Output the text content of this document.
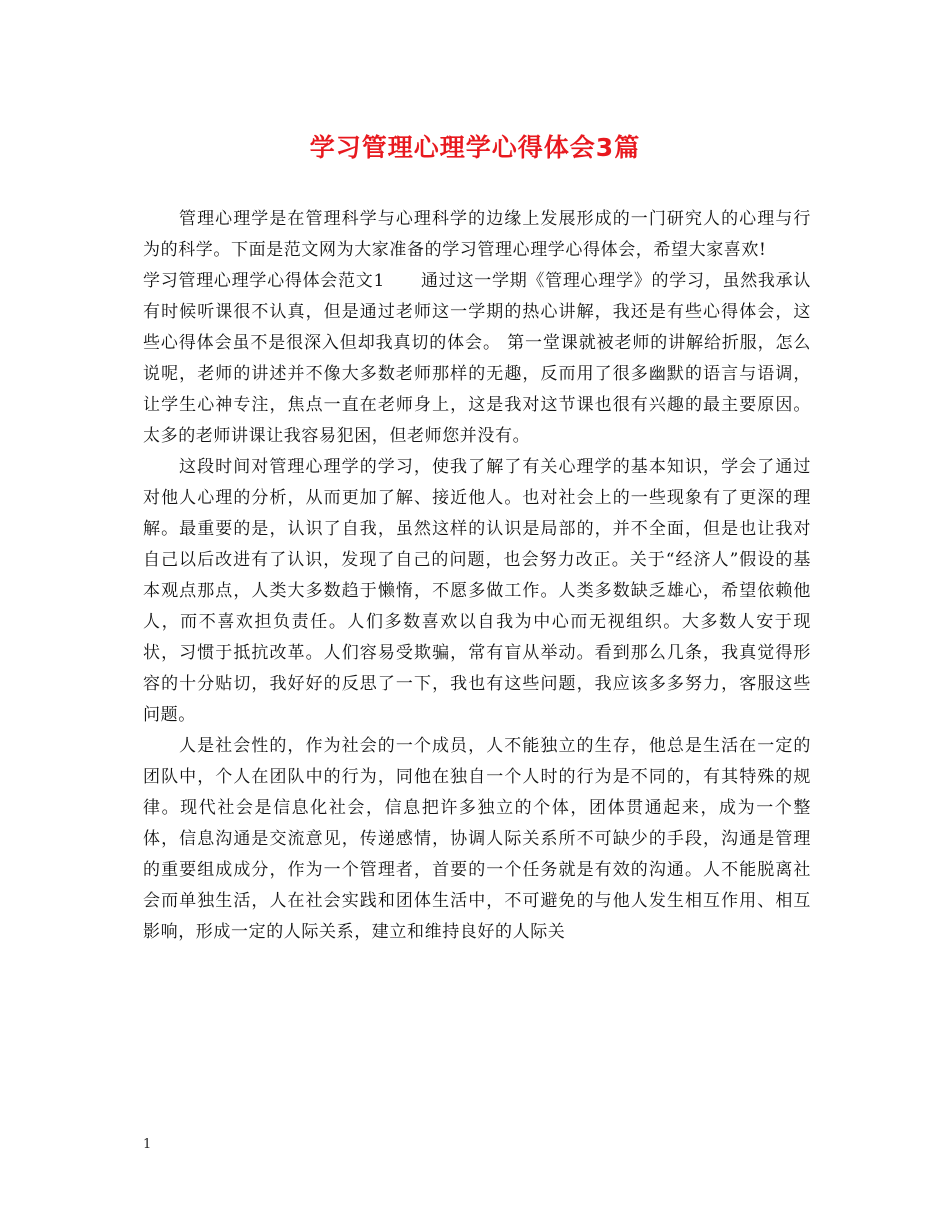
学习管理心理学心得体会3篇

管理心理学是在管理科学与心理科学的边缘上发展形成的一门研究人的心理与行为的科学。下面是范文网为大家准备的学习管理心理学心得体会，希望大家喜欢!

学习管理心理学心得体会范文1 通过这一学期《管理心理学》的学习，虽然我承认有时候听课很不认真，但是通过老师这一学期的热心讲解，我还是有些心得体会，这些心得体会虽不是很深入但却我真切的体会。 第一堂课就被老师的讲解给折服，怎么说呢，老师的讲述并不像大多数老师那样的无趣，反而用了很多幽默的语言与语调，让学生心神专注，焦点一直在老师身上，这是我对这节课也很有兴趣的最主要原因。太多的老师讲课让我容易犯困，但老师您并没有。

这段时间对管理心理学的学习，使我了解了有关心理学的基本知识，学会了通过对他人心理的分析，从而更加了解、接近他人。也对社会上的一些现象有了更深的理解。最重要的是，认识了自我，虽然这样的认识是局部的，并不全面，但是也让我对自己以后改进有了认识，发现了自己的问题，也会努力改正。关于“经济人”假设的基本观点那点，人类大多数趋于懒惰，不愿多做工作。人类多数缺乏雄心，希望依赖他人，而不喜欢担负责任。人们多数喜欢以自我为中心而无视组织。大多数人安于现状，习惯于抵抗改革。人们容易受欺骗，常有盲从举动。看到那么几条，我真觉得形容的十分贴切，我好好的反思了一下，我也有这些问题，我应该多多努力，客服这些问题。

人是社会性的，作为社会的一个成员，人不能独立的生存，他总是生活在一定的团队中，个人在团队中的行为，同他在独自一个人时的行为是不同的，有其特殊的规律。现代社会是信息化社会，信息把许多独立的个体，团体贯通起来，成为一个整体，信息沟通是交流意见，传递感情，协调人际关系所不可缺少的手段，沟通是管理的重要组成成分，作为一个管理者，首要的一个任务就是有效的沟通。人不能脱离社会而单独生活，人在社会实践和团体生活中，不可避免的与他人发生相互作用、相互影响，形成一定的人际关系，建立和维持良好的人际关

1
